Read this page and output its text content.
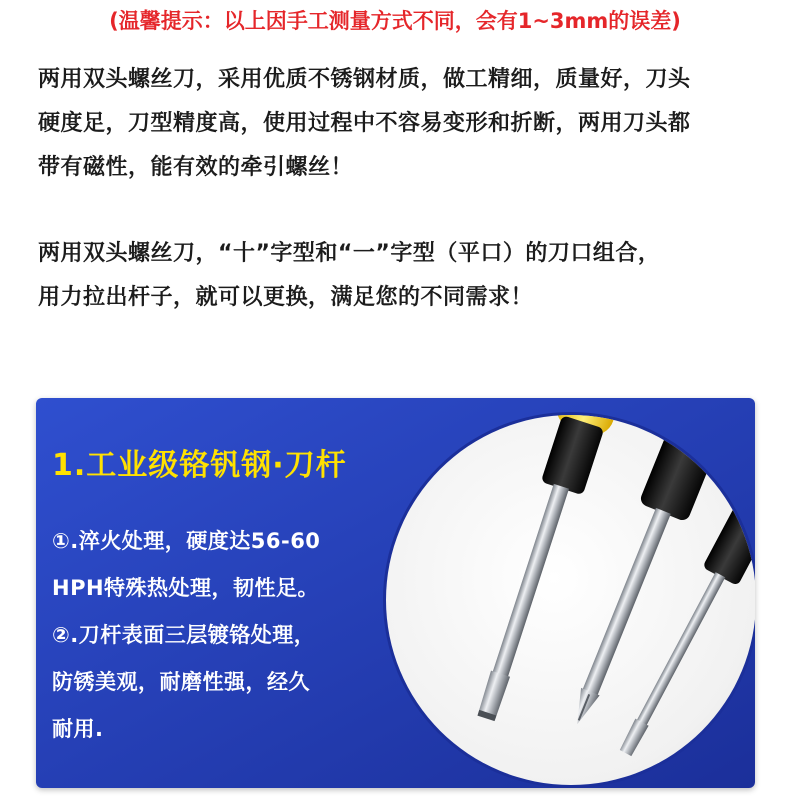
(温馨提示：以上因手工测量方式不同，会有1~3mm的误差)

两用双头螺丝刀，采用优质不锈钢材质，做工精细，质量好，刀头

硬度足，刀型精度高，使用过程中不容易变形和折断，两用刀头都

带有磁性，能有效的牵引螺丝！

两用双头螺丝刀，“十”字型和“一”字型（平口）的刀口组合，

用力拉出杆子，就可以更换，满足您的不同需求！

1.工业级铬钒钢·刀杆

①.淬火处理，硬度达56-60

HPH特殊热处理，韧性足。

②.刀杆表面三层镀铬处理，

防锈美观，耐磨性强，经久

耐用.
